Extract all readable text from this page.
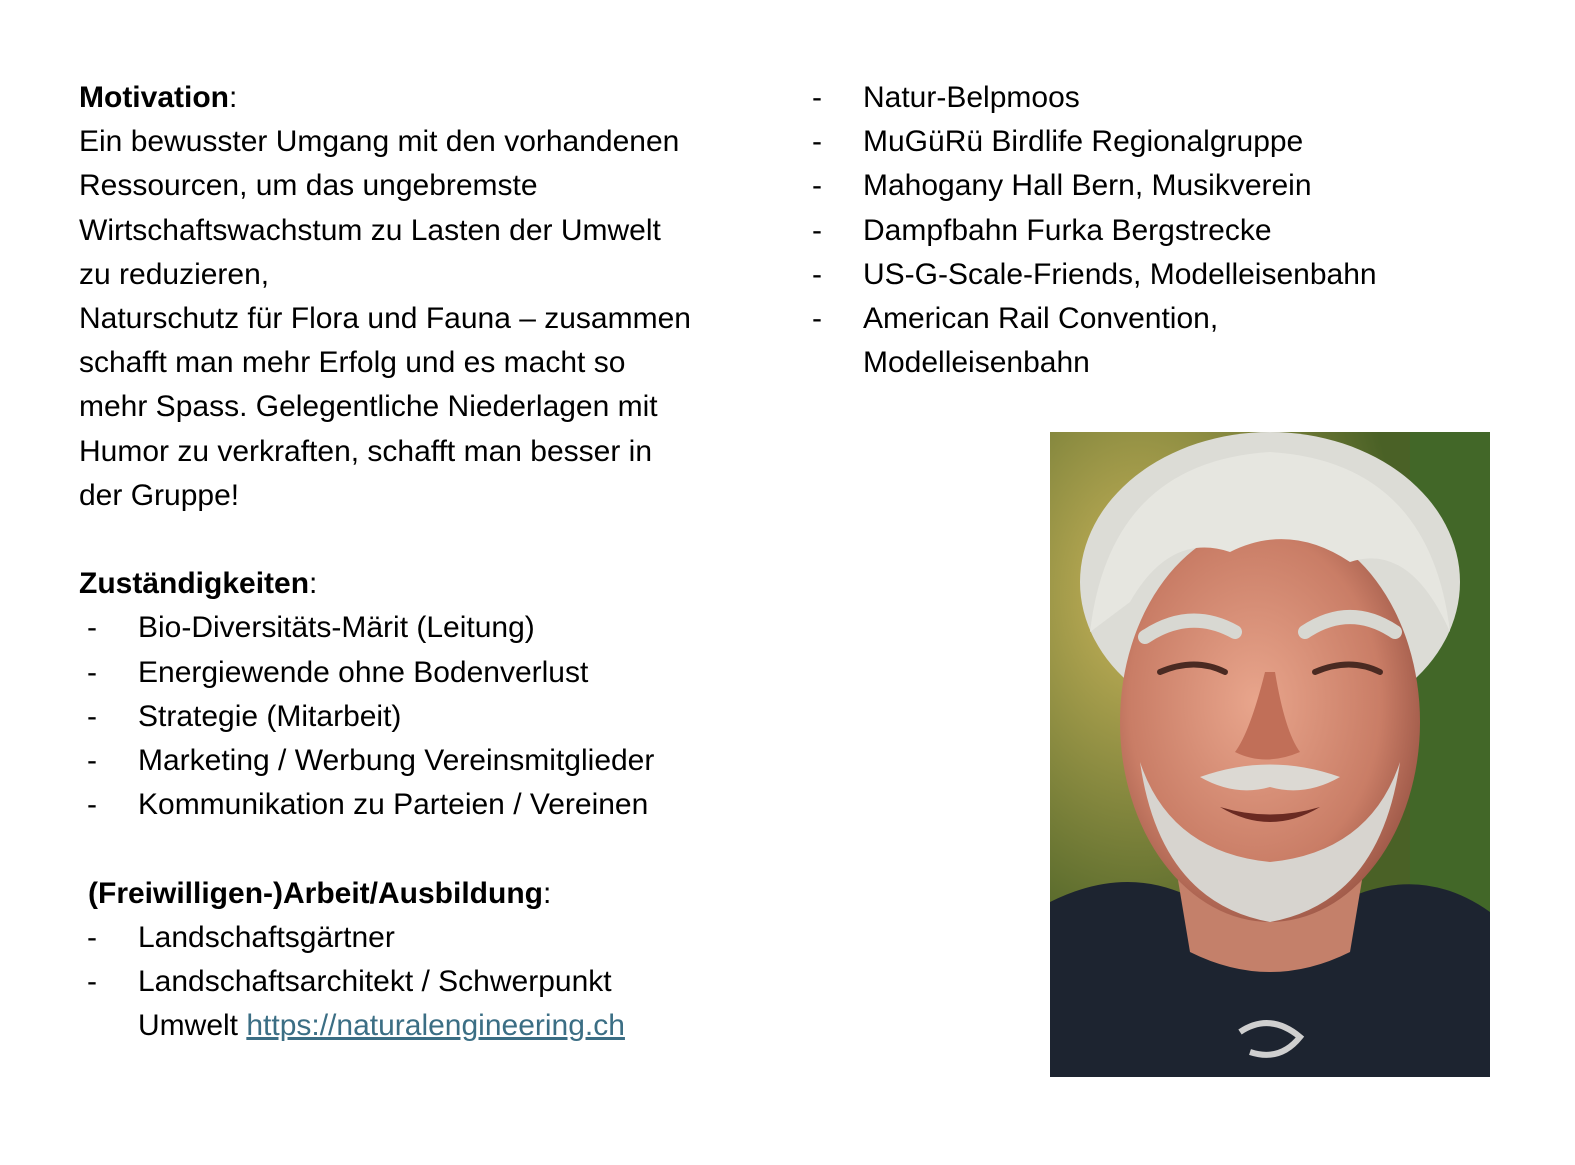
Motivation:

Ein bewusster Umgang mit den vorhandenen

Ressourcen, um das ungebremste

Wirtschaftswachstum zu Lasten der Umwelt

zu reduzieren,

Naturschutz für Flora und Fauna – zusammen

schafft man mehr Erfolg und es macht so

mehr Spass. Gelegentliche Niederlagen mit

Humor zu verkraften, schafft man besser in

der Gruppe!

Zuständigkeiten:

- Bio-Diversitäts-Märit (Leitung)
- Energiewende ohne Bodenverlust
- Strategie (Mitarbeit)
- Marketing / Werbung Vereinsmitglieder
- Kommunikation zu Parteien / Vereinen

(Freiwilligen-)Arbeit/Ausbildung:

- Landschaftsgärtner
- Landschaftsarchitekt / Schwerpunkt
Umwelt https://naturalengineering.ch
- Natur-Belpmoos
- MuGüRü Birdlife Regionalgruppe
- Mahogany Hall Bern, Musikverein
- Dampfbahn Furka Bergstrecke
- US-G-Scale-Friends, Modelleisenbahn
- American Rail Convention,
Modelleisenbahn
